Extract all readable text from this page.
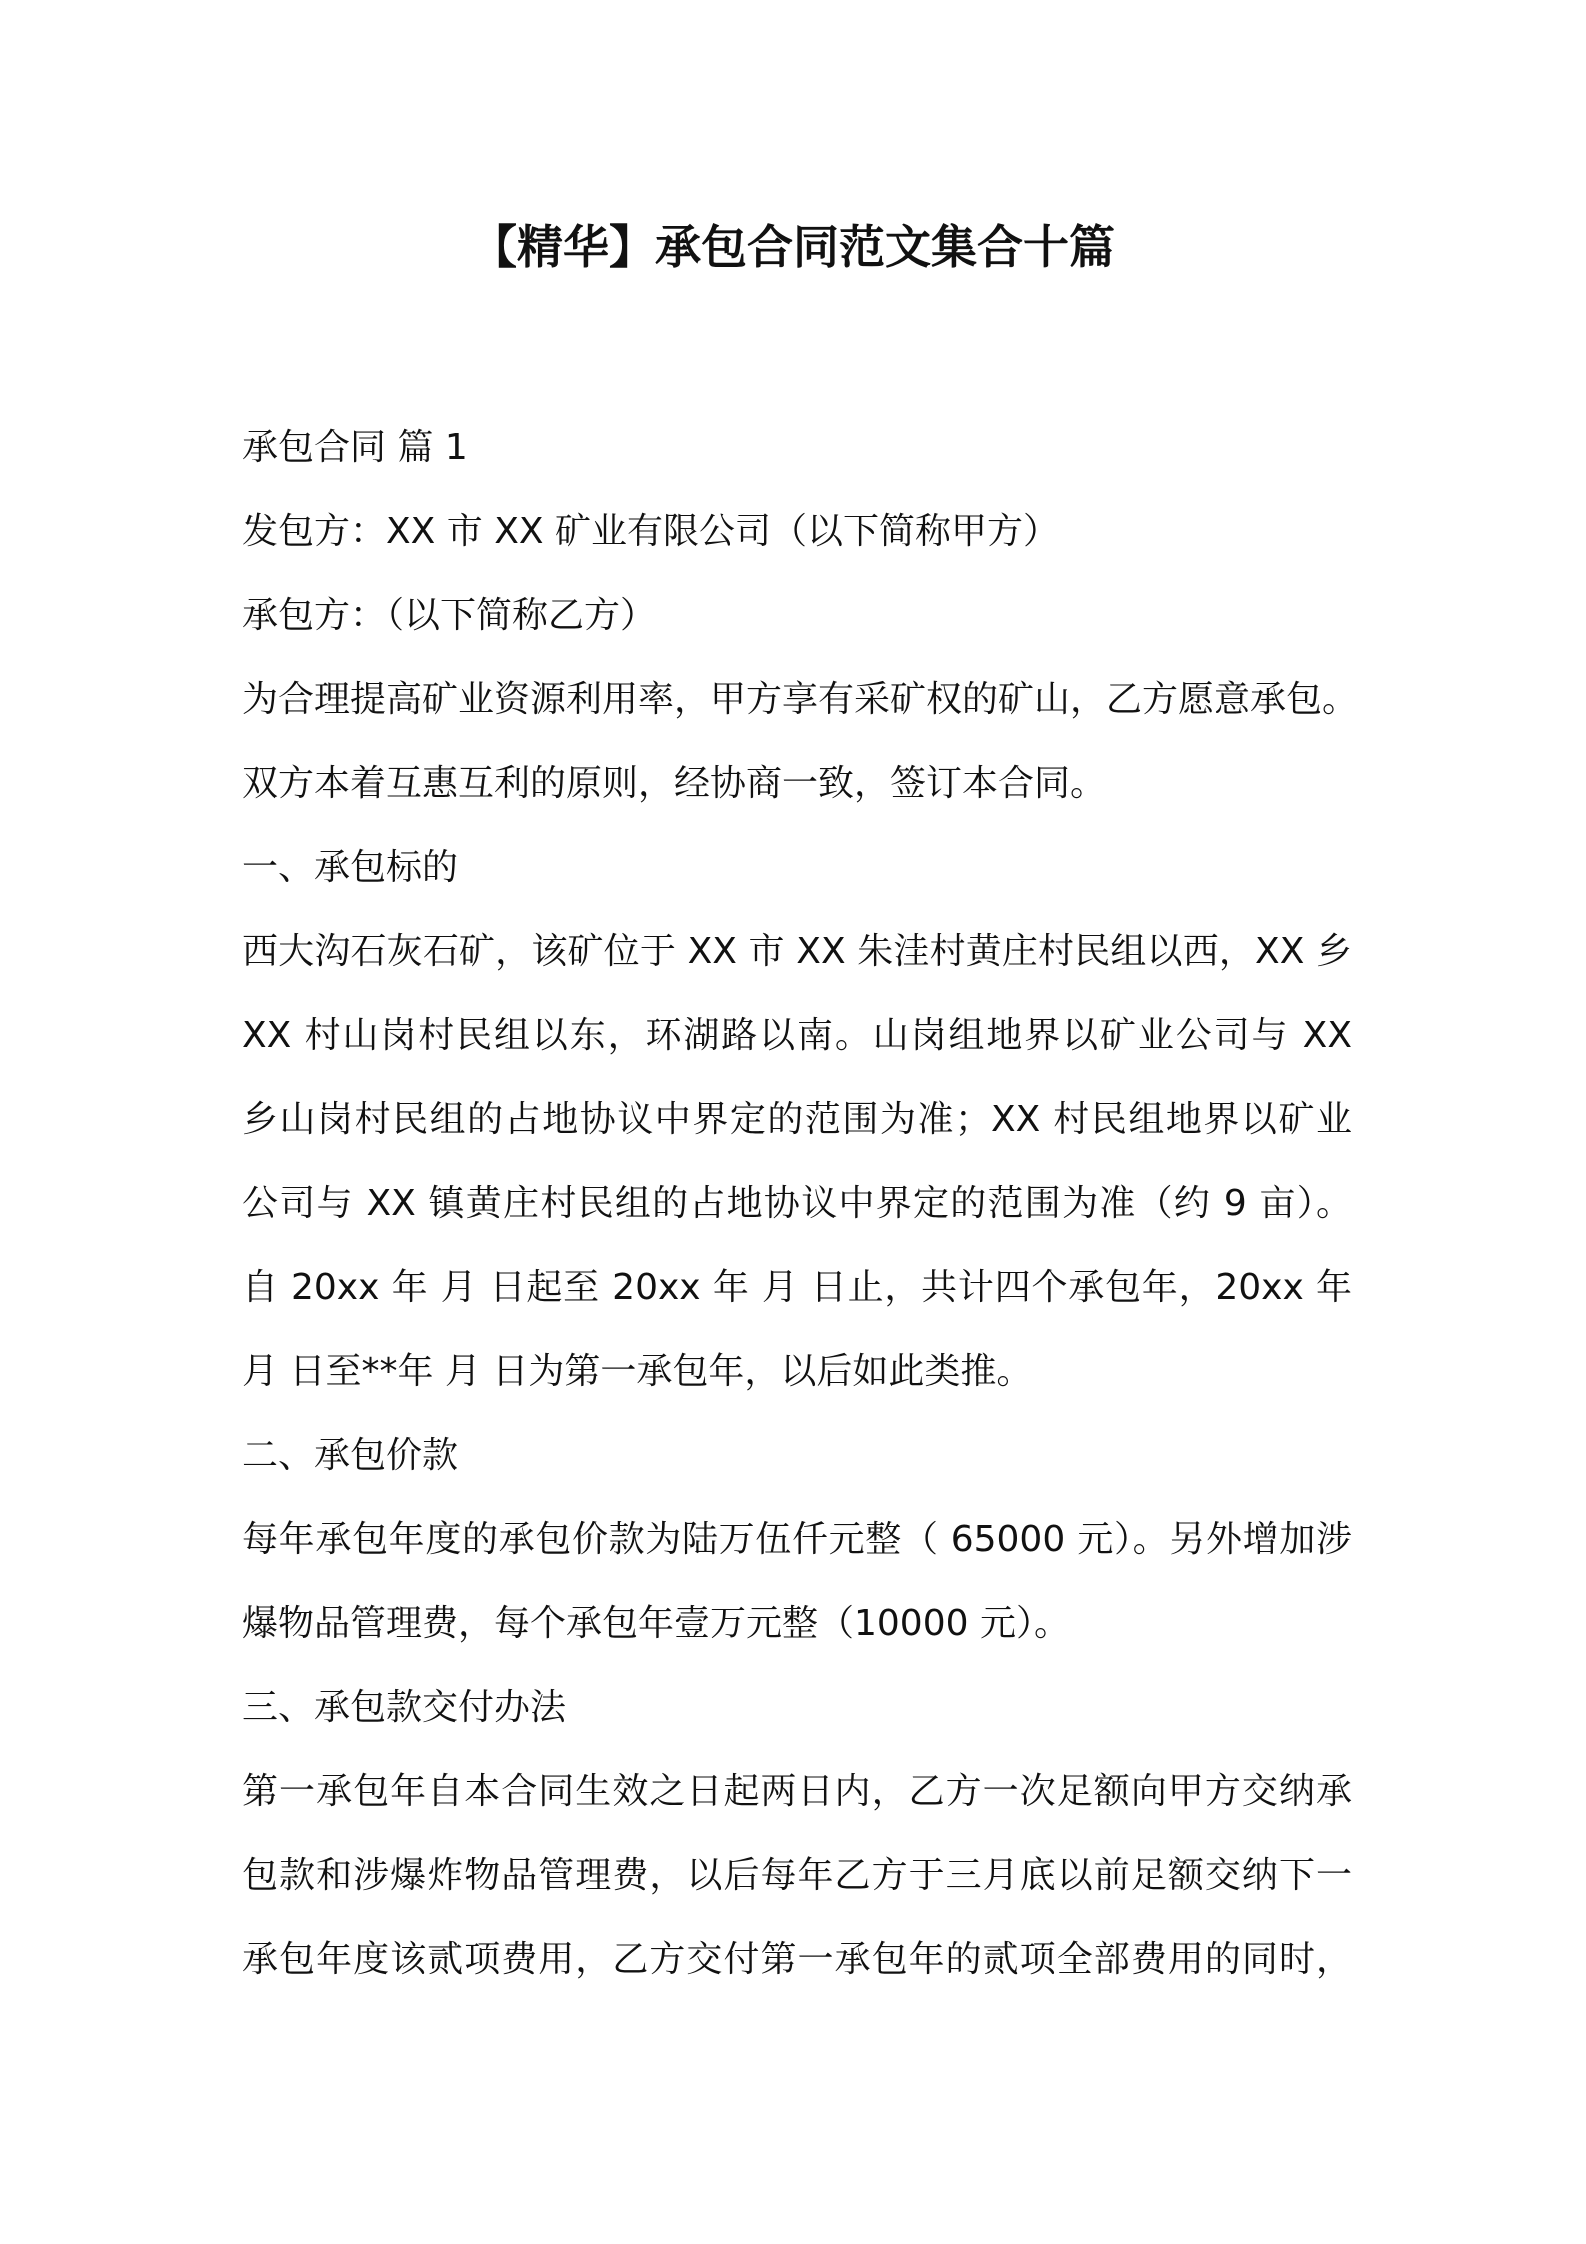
【精华】承包合同范文集合十篇

承包合同 篇 1

发包方：XX 市 XX 矿业有限公司（以下简称甲方）

承包方：（以下简称乙方）

为合理提高矿业资源利用率，甲方享有采矿权的矿山，乙方愿意承包。

双方本着互惠互利的原则，经协商一致，签订本合同。

一、承包标的

西大沟石灰石矿，该矿位于 XX 市 XX 朱洼村黄庄村民组以西，XX 乡

XX 村山岗村民组以东，环湖路以南。山岗组地界以矿业公司与 XX

乡山岗村民组的占地协议中界定的范围为准；XX 村民组地界以矿业

公司与 XX 镇黄庄村民组的占地协议中界定的范围为准（约 9 亩）。

自 20xx 年 月 日起至 20xx 年 月 日止，共计四个承包年，20xx 年

月 日至**年 月 日为第一承包年，以后如此类推。

二、承包价款

每年承包年度的承包价款为陆万伍仟元整（ 65000 元）。另外增加涉

爆物品管理费，每个承包年壹万元整（10000 元）。

三、承包款交付办法

第一承包年自本合同生效之日起两日内，乙方一次足额向甲方交纳承

包款和涉爆炸物品管理费，以后每年乙方于三月底以前足额交纳下一

承包年度该贰项费用，乙方交付第一承包年的贰项全部费用的同时，
